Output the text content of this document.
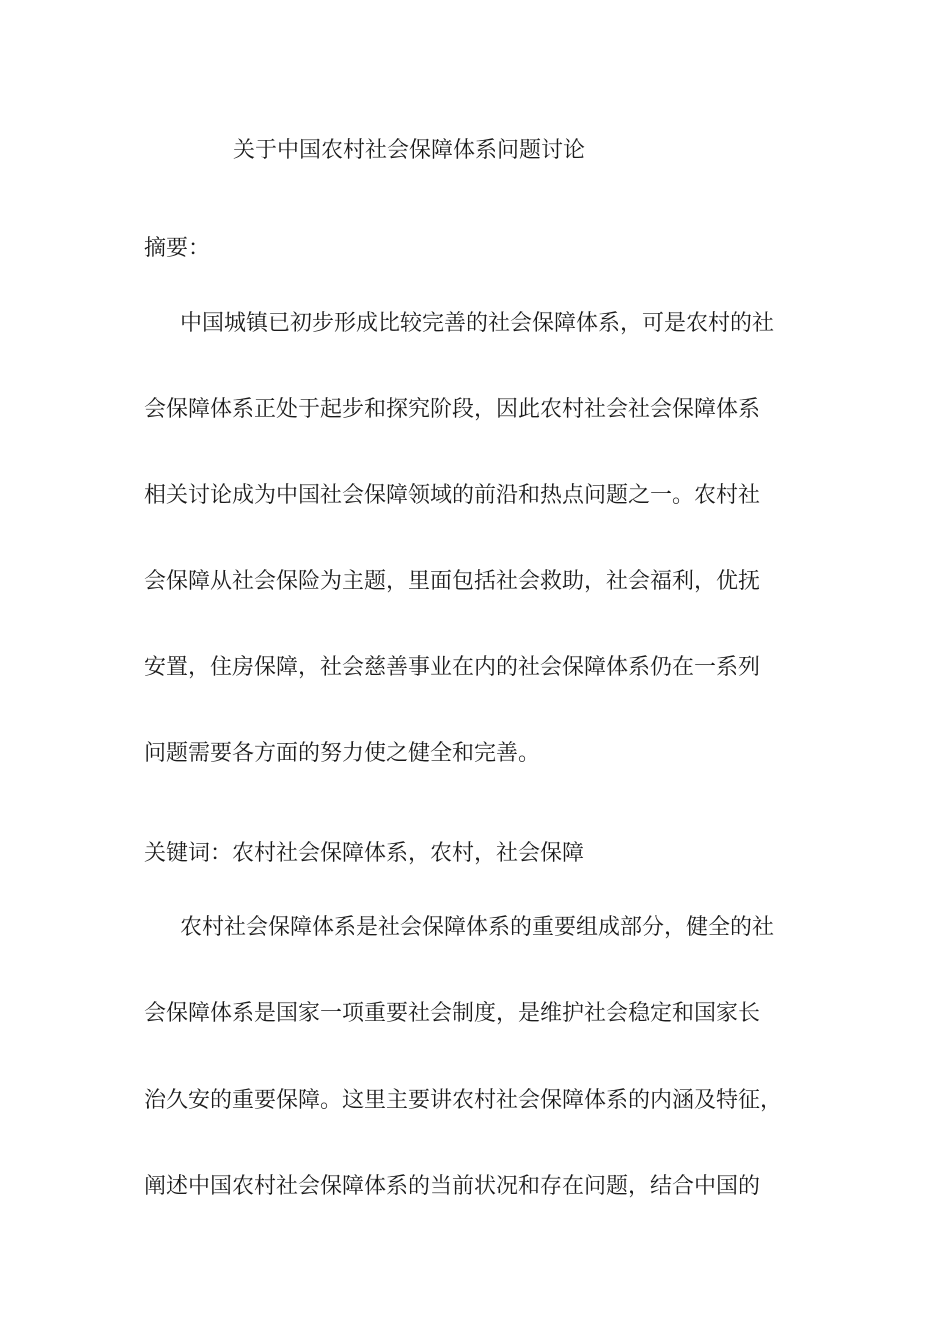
关于中国农村社会保障体系问题讨论
摘要：
中国城镇已初步形成比较完善的社会保障体系，可是农村的社
会保障体系正处于起步和探究阶段，因此农村社会社会保障体系
相关讨论成为中国社会保障领域的前沿和热点问题之一。农村社
会保障从社会保险为主题，里面包括社会救助，社会福利，优抚
安置，住房保障，社会慈善事业在内的社会保障体系仍在一系列
问题需要各方面的努力使之健全和完善。
关键词：农村社会保障体系，农村，社会保障
农村社会保障体系是社会保障体系的重要组成部分，健全的社
会保障体系是国家一项重要社会制度，是维护社会稳定和国家长
治久安的重要保障。这里主要讲农村社会保障体系的内涵及特征，
阐述中国农村社会保障体系的当前状况和存在问题，结合中国的
